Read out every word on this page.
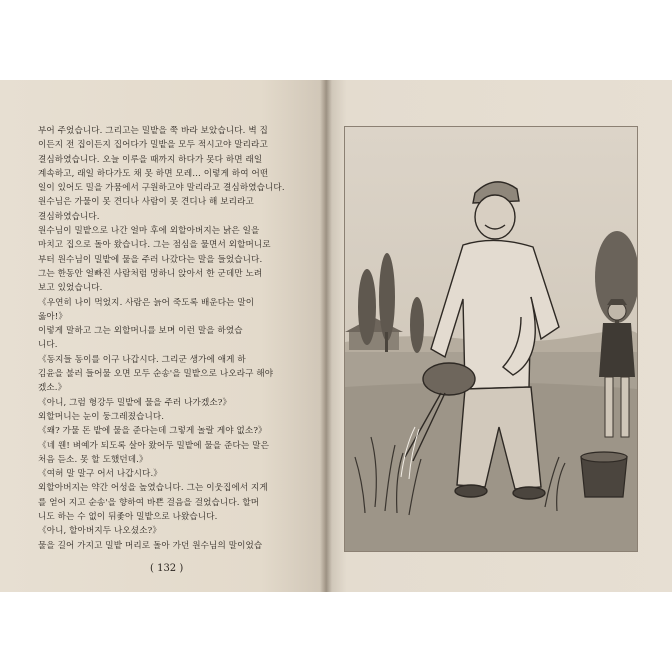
부어 주었습니다. 그리고는 밀밭을 쭉 바라 보았습니다. 벽 집
이든지 전 집이든지 집어다가 밀밭을 모두 적시고야 말리라고
결심하였습니다. 오늘 이루을 때까지 하다가 못다 하면 래일
계속하고, 래일 하다가도 채 못 하면 모레… 이렇게 하여 어떤
일이 있어도 밀을 가뭄에서 구원하고야 말리라고 결심하였습니다.
원수님은 가물이 못 견디나 사람이 못 견디나 해 보리라고
결심하였습니다.
원수님이 밀밭으로 나간 얼마 후에 외할아버지는 낡은 일을
마치고 집으로 돌아 왔습니다. 그는 점심을 물면서 외할머니로
부터 원수님이 밀밭에 물을 주러 나갔다는 말을 들었습니다.
그는 한동안 얼빠진 사람처럼 멍하니 앉아서 한 군데만 노려
보고 있었습니다.
《우연히 나이 먹었지. 사람은 늙어 죽도록 배운다는 말이
옳아!》
이렇게 말하고 그는 외할머니를 보며 이런 말을 하였습
니다.
《동지들 동이를 이구 나갑시다. 그리군 생가에 애게 하
김윤을 불러 들어물 오면 모두 순송'을 밀밭으로 나오라구 해야
겠소.》
《아니, 그럼 형강두 밀밭에 물을 주러 나가겠소?》
외할머니는 눈이 둥그레졌습니다.
《왜? 가물 돈 밭에 물을 준다는데 그렇게 놀랄 게야 없소?》
《네 웬! 벼예가 되도록 살아 왔어두 밀밭에 물을 준다는 말은
처음 듣소. 못 할 도했던데.》
《여허 말 말구 어서 나갑시다.》
외할아버지는 약간 어성을 높였습니다. 그는 이웃집에서 지게
를 얻어 지고 순송'을 향하여 바쁜 걸음을 걸었습니다. 할머
니도 하는 수 없이 뒤좇아 밀밭으로 나왔습니다.
《아니, 할아버지두 나오셨소?》
물을 길어 가지고 밀밭 머리로 돌아 가던 원수님의 말이었습
( 132 )
